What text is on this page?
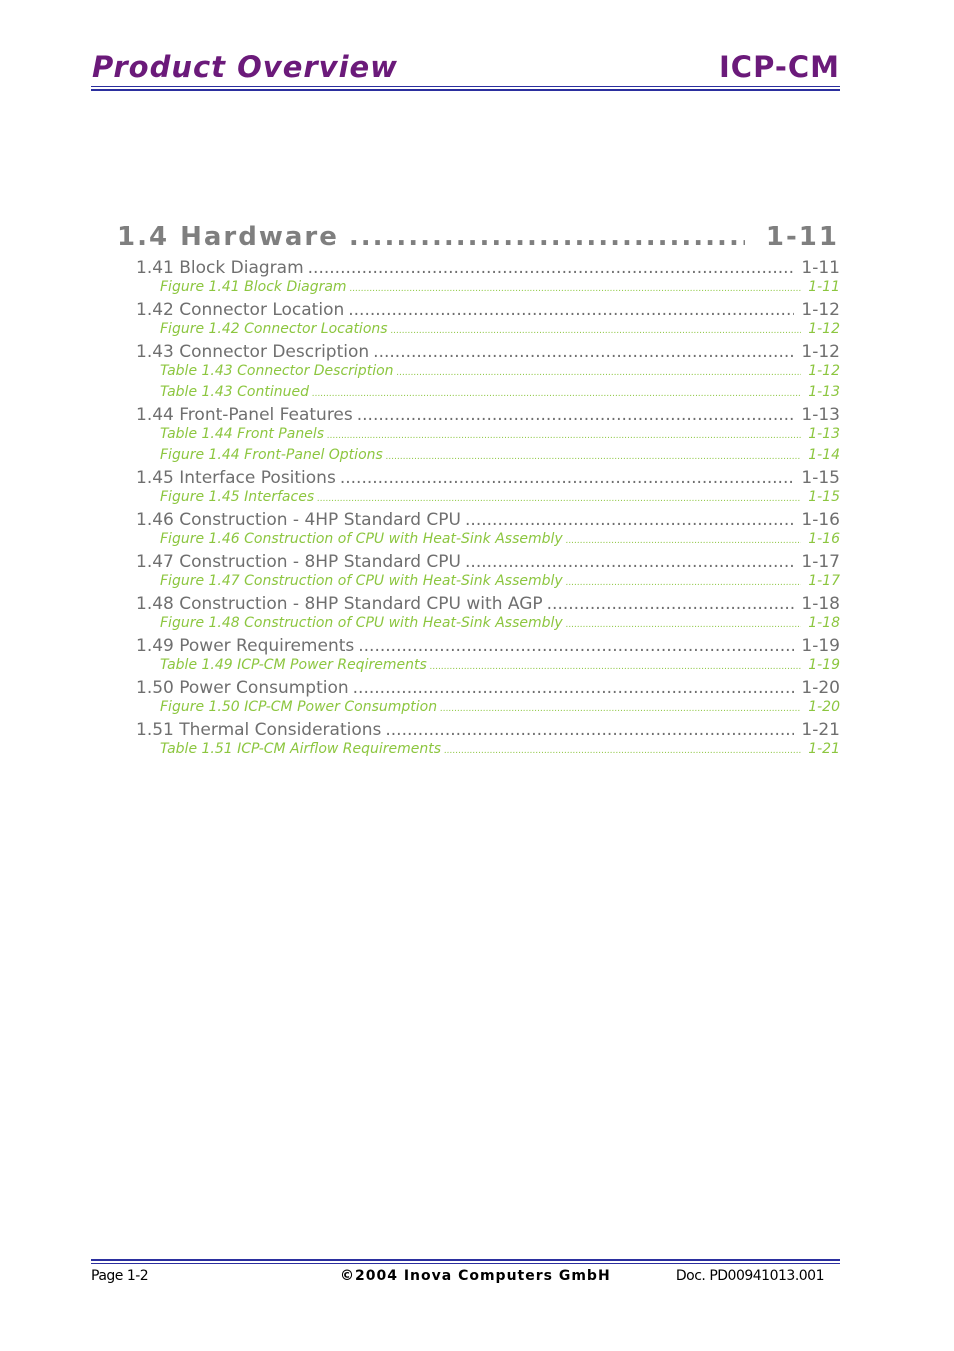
Product Overview	ICP-CM
1.4 Hardware .....	1-11
1.41 Block Diagram .....	1-11
Figure 1.41 Block Diagram .....	1-11
1.42 Connector Location .....	1-12
Figure 1.42 Connector Locations .....	1-12
1.43 Connector Description .....	1-12
Table 1.43 Connector Description .....	1-12
Table 1.43 Continued .....	1-13
1.44 Front-Panel Features .....	1-13
Table 1.44 Front Panels .....	1-13
Figure 1.44 Front-Panel Options .....	1-14
1.45 Interface Positions .....	1-15
Figure 1.45 Interfaces .....	1-15
1.46 Construction - 4HP Standard CPU .....	1-16
Figure 1.46 Construction of CPU with Heat-Sink Assembly .....	1-16
1.47 Construction - 8HP Standard CPU .....	1-17
Figure 1.47 Construction of CPU with Heat-Sink Assembly .....	1-17
1.48 Construction - 8HP Standard CPU with AGP .....	1-18
Figure 1.48 Construction of CPU with Heat-Sink Assembly .....	1-18
1.49 Power Requirements .....	1-19
Table 1.49 ICP-CM Power Reqirements .....	1-19
1.50 Power Consumption .....	1-20
Figure 1.50 ICP-CM Power Consumption .....	1-20
1.51 Thermal Considerations .....	1-21
Table 1.51 ICP-CM Airflow Requirements .....	1-21
Page 1-2	©2004 Inova Computers GmbH	Doc. PD00941013.001
